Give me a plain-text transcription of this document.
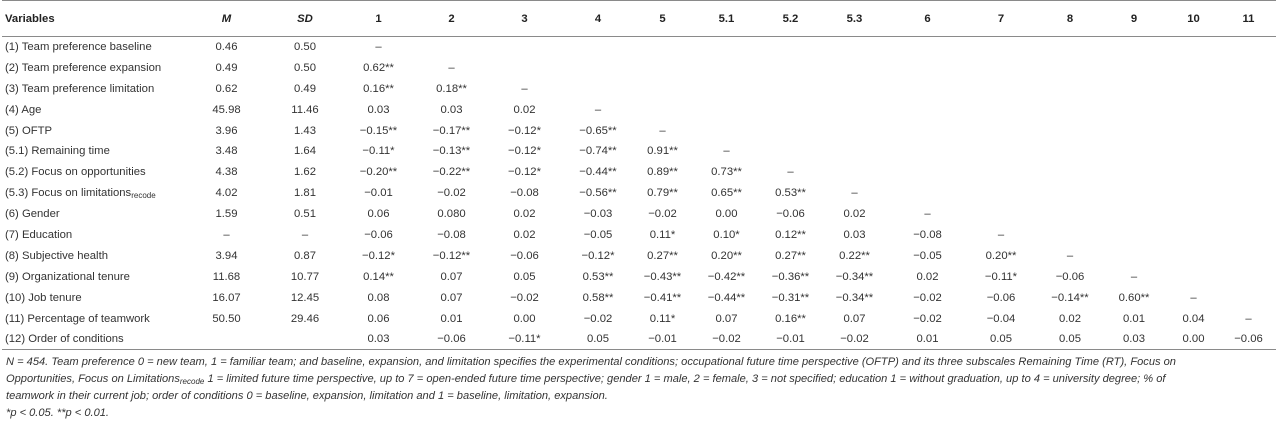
Variables	M	SD	1	2	3	4	5	5.1	5.2	5.3	6	7	8	9	10	11
(1) Team preference baseline	0.46	0.50	–													
(2) Team preference expansion	0.49	0.50	0.62**	–												
(3) Team preference limitation	0.62	0.49	0.16**	0.18**	–											
(4) Age	45.98	11.46	0.03	0.03	0.02	–										
(5) OFTP	3.96	1.43	−0.15**	−0.17**	−0.12*	−0.65**	–									
(5.1) Remaining time	3.48	1.64	−0.11*	−0.13**	−0.12*	−0.74**	0.91**	–								
(5.2) Focus on opportunities	4.38	1.62	−0.20**	−0.22**	−0.12*	−0.44**	0.89**	0.73**	–							
(5.3) Focus on limitations$_{recode}$	4.02	1.81	−0.01	−0.02	−0.08	−0.56**	0.79**	0.65**	0.53**	–						
(6) Gender	1.59	0.51	0.06	0.080	0.02	−0.03	−0.02	0.00	−0.06	0.02	–					
(7) Education	–	–	−0.06	−0.08	0.02	−0.05	0.11*	0.10*	0.12**	0.03	−0.08	–				
(8) Subjective health	3.94	0.87	−0.12*	−0.12**	−0.06	−0.12*	0.27**	0.20**	0.27**	0.22**	−0.05	0.20**	–			
(9) Organizational tenure	11.68	10.77	0.14**	0.07	0.05	0.53**	−0.43**	−0.42**	−0.36**	−0.34**	0.02	−0.11*	−0.06	–		
(10) Job tenure	16.07	12.45	0.08	0.07	−0.02	0.58**	−0.41**	−0.44**	−0.31**	−0.34**	−0.02	−0.06	−0.14**	0.60**	–	
(11) Percentage of teamwork	50.50	29.46	0.06	0.01	0.00	−0.02	0.11*	0.07	0.16**	0.07	−0.02	−0.04	0.02	0.01	0.04	–
(12) Order of conditions			0.03	−0.06	−0.11*	0.05	−0.01	−0.02	−0.01	−0.02	0.01	0.05	0.05	0.03	0.00	−0.06

N = 454. Team preference 0 = new team, 1 = familiar team; and baseline, expansion, and limitation specifies the experimental conditions; occupational future time perspective (OFTP) and its three subscales Remaining Time (RT), Focus on Opportunities, Focus on Limitations$_{recode}$ 1 = limited future time perspective, up to 7 = open-ended future time perspective; gender 1 = male, 2 = female, 3 = not specified; education 1 = without graduation, up to 4 = university degree; % of teamwork in their current job; order of conditions 0 = baseline, expansion, limitation and 1 = baseline, limitation, expansion.

*p < 0.05. **p < 0.01.
